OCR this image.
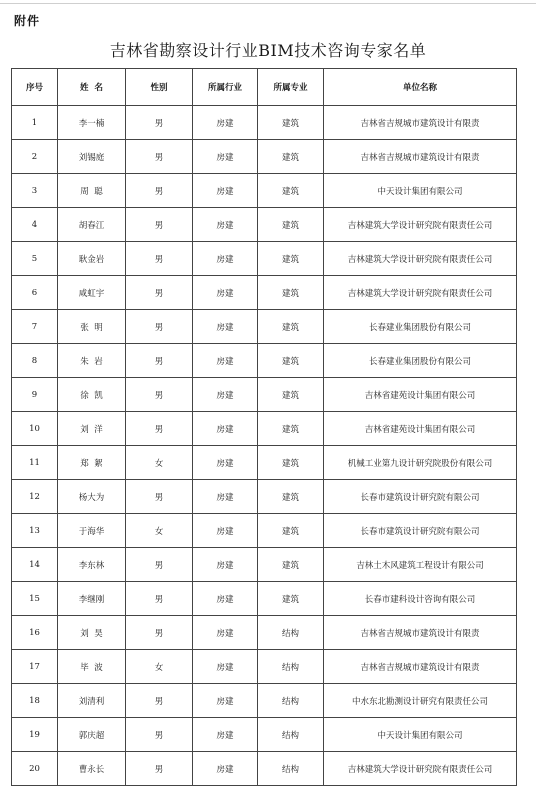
附件
吉林省勘察设计行业BIM技术咨询专家名单
序号	姓  名	性别	所属行业	所属专业	单位名称
1	李一楠	男	房建	建筑	吉林省吉规城市建筑设计有限责
2	刘锡庭	男	房建	建筑	吉林省吉规城市建筑设计有限责
3	周  聪	男	房建	建筑	中天设计集团有限公司
4	胡春江	男	房建	建筑	吉林建筑大学设计研究院有限责任公司
5	耿金岩	男	房建	建筑	吉林建筑大学设计研究院有限责任公司
6	咸虹宇	男	房建	建筑	吉林建筑大学设计研究院有限责任公司
7	张  明	男	房建	建筑	长春建业集团股份有限公司
8	朱  岩	男	房建	建筑	长春建业集团股份有限公司
9	徐  凯	男	房建	建筑	吉林省建苑设计集团有限公司
10	刘  洋	男	房建	建筑	吉林省建苑设计集团有限公司
11	郑  絮	女	房建	建筑	机械工业第九设计研究院股份有限公司
12	杨大为	男	房建	建筑	长春市建筑设计研究院有限公司
13	于海华	女	房建	建筑	长春市建筑设计研究院有限公司
14	李东林	男	房建	建筑	吉林土木风建筑工程设计有限公司
15	李继刚	男	房建	建筑	长春市建科设计咨询有限公司
16	刘  昊	男	房建	结构	吉林省吉规城市建筑设计有限责
17	毕  波	女	房建	结构	吉林省吉规城市建筑设计有限责
18	刘清利	男	房建	结构	中水东北勘测设计研究有限责任公司
19	郭庆超	男	房建	结构	中天设计集团有限公司
20	曹永长	男	房建	结构	吉林建筑大学设计研究院有限责任公司
